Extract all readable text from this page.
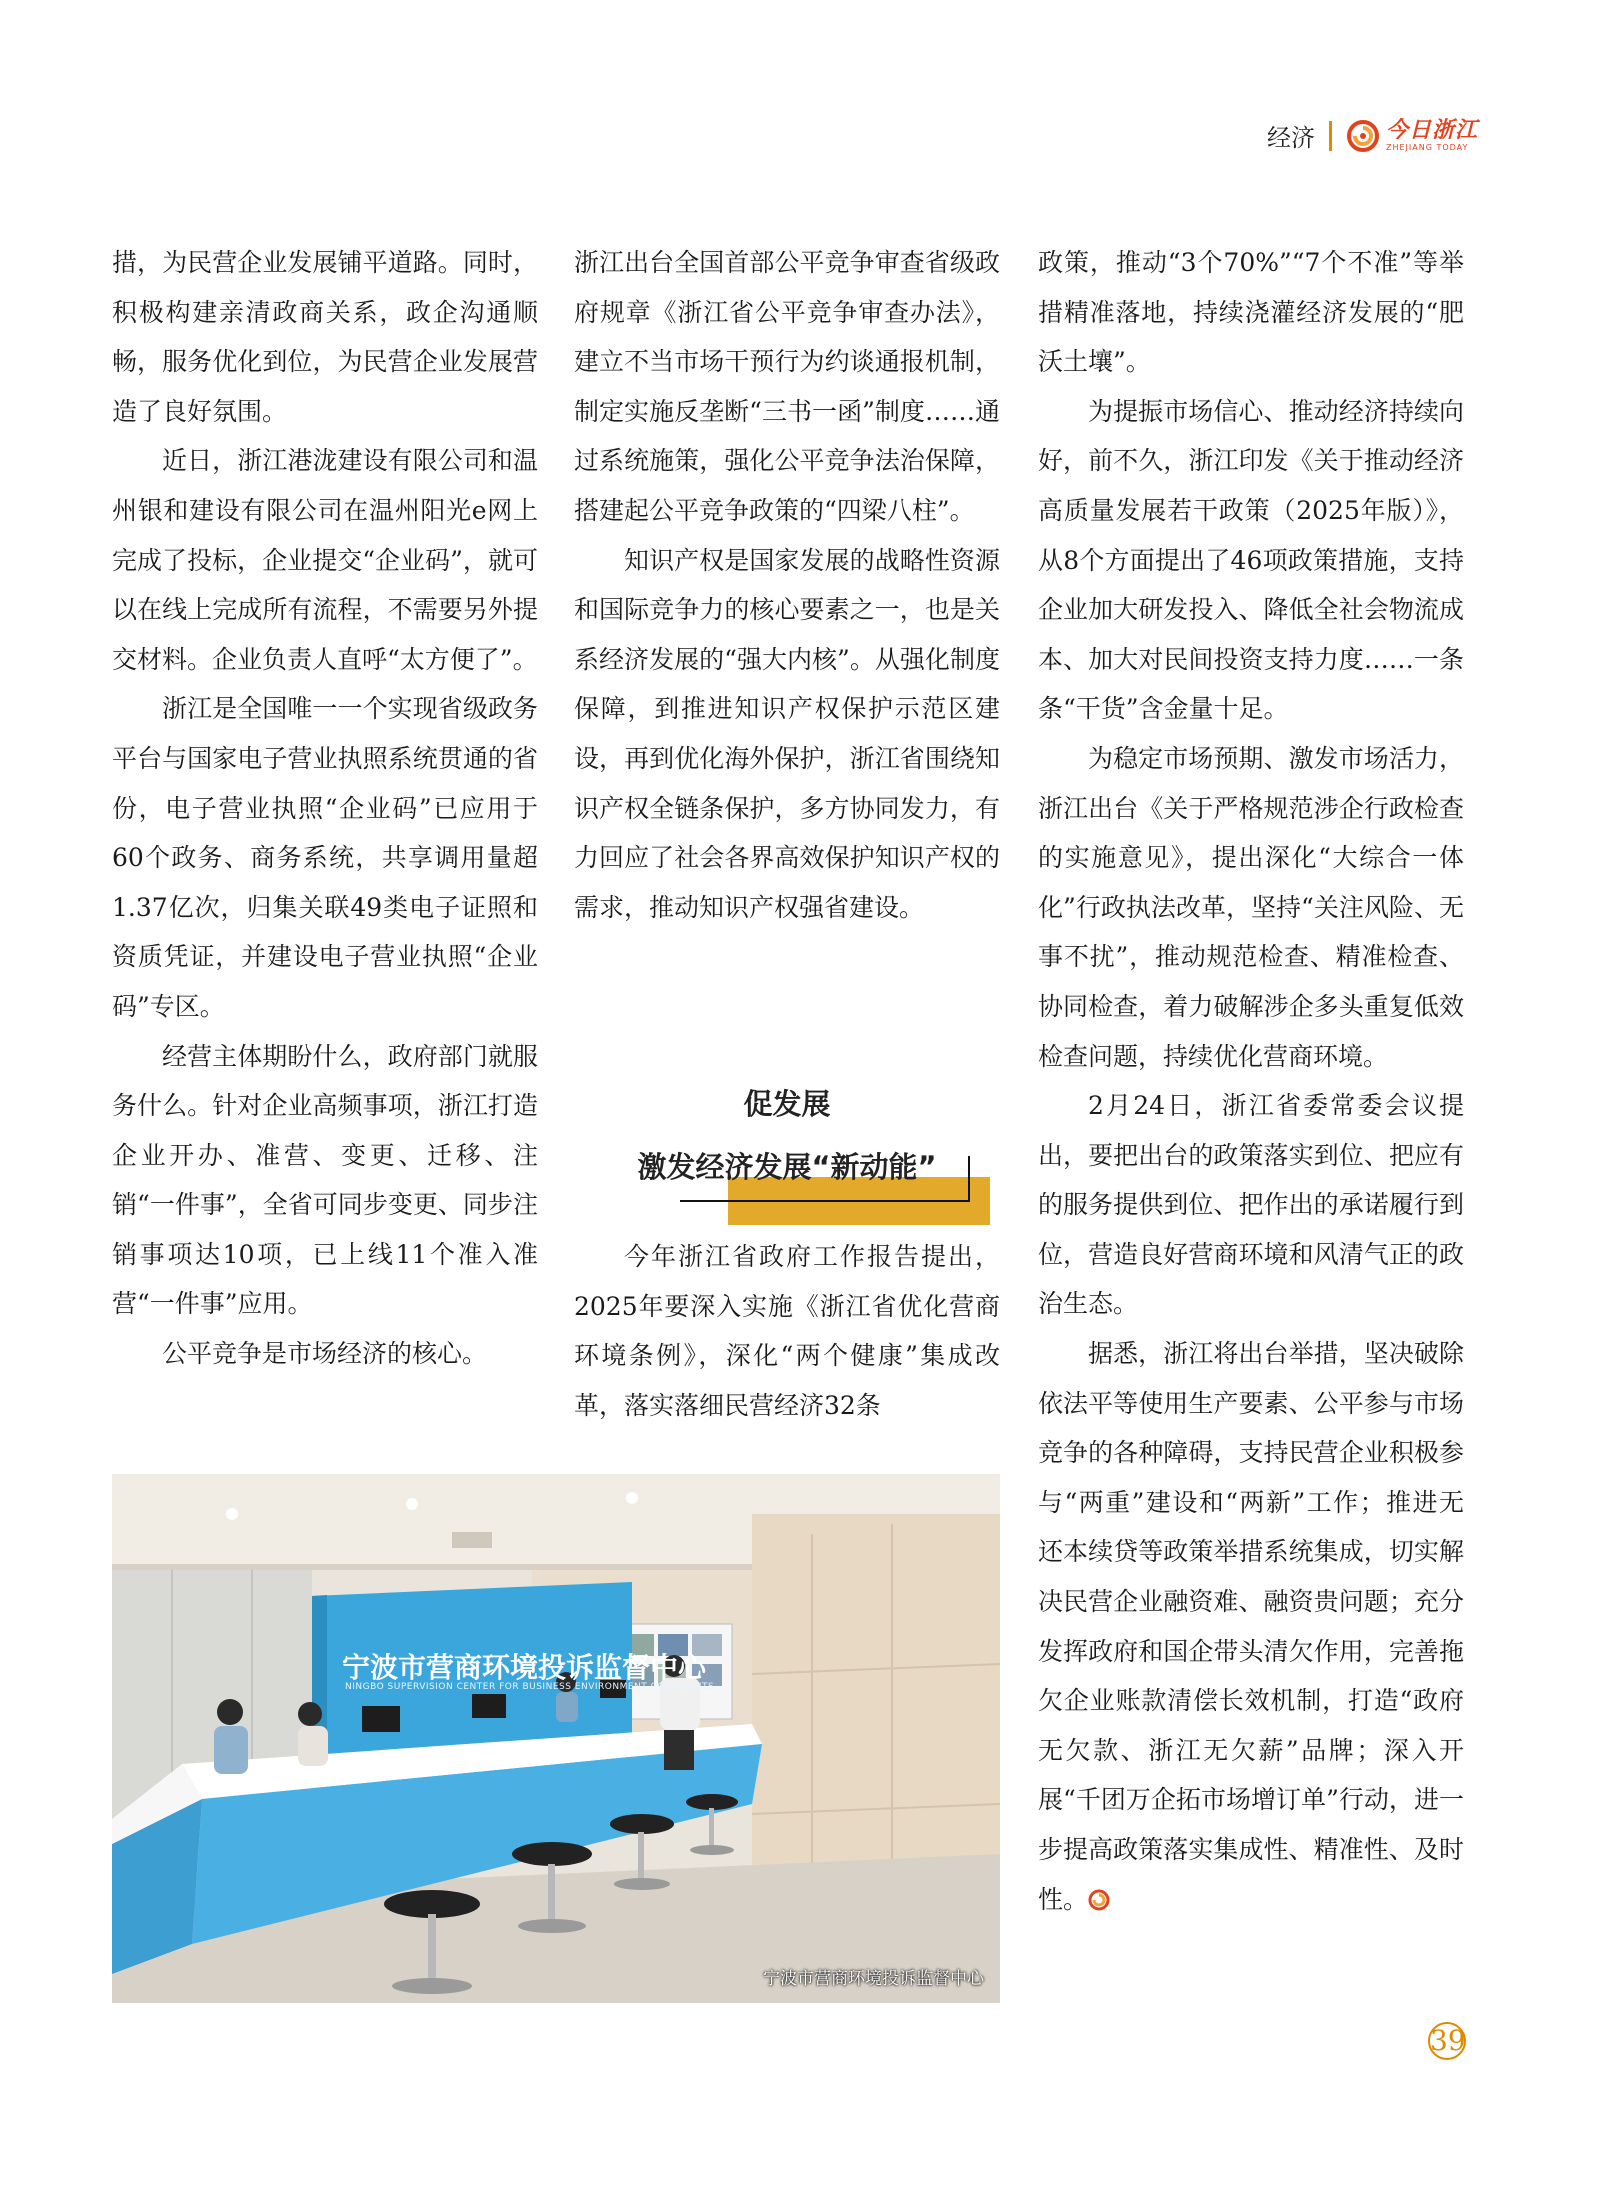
经济	今日浙江
ZHEJIANG TODAY

措，为民营企业发展铺平道路。同时，积极构建亲清政商关系，政企沟通顺畅，服务优化到位，为民营企业发展营造了良好氛围。

近日，浙江港泷建设有限公司和温州银和建设有限公司在温州阳光e网上完成了投标，企业提交“企业码”，就可以在线上完成所有流程，不需要另外提交材料。企业负责人直呼“太方便了”。

浙江是全国唯一一个实现省级政务平台与国家电子营业执照系统贯通的省份，电子营业执照“企业码”已应用于60个政务、商务系统，共享调用量超1.37亿次，归集关联49类电子证照和资质凭证，并建设电子营业执照“企业码”专区。

经营主体期盼什么，政府部门就服务什么。针对企业高频事项，浙江打造企业开办、准营、变更、迁移、注销“一件事”，全省可同步变更、同步注销事项达10项，已上线11个准入准营“一件事”应用。

公平竞争是市场经济的核心。

浙江出台全国首部公平竞争审查省级政府规章《浙江省公平竞争审查办法》，建立不当市场干预行为约谈通报机制，制定实施反垄断“三书一函”制度……通过系统施策，强化公平竞争法治保障，搭建起公平竞争政策的“四梁八柱”。

知识产权是国家发展的战略性资源和国际竞争力的核心要素之一，也是关系经济发展的“强大内核”。从强化制度保障，到推进知识产权保护示范区建设，再到优化海外保护，浙江省围绕知识产权全链条保护，多方协同发力，有力回应了社会各界高效保护知识产权的需求，推动知识产权强省建设。

促发展
激发经济发展“新动能”

今年浙江省政府工作报告提出，2025年要深入实施《浙江省优化营商环境条例》，深化“两个健康”集成改革，落实落细民营经济32条

政策，推动“3个70%”“7个不准”等举措精准落地，持续浇灌经济发展的“肥沃土壤”。

为提振市场信心、推动经济持续向好，前不久，浙江印发《关于推动经济高质量发展若干政策（2025年版）》，从8个方面提出了46项政策措施，支持企业加大研发投入、降低全社会物流成本、加大对民间投资支持力度……一条条“干货”含金量十足。

为稳定市场预期、激发市场活力，浙江出台《关于严格规范涉企行政检查的实施意见》，提出深化“大综合一体化”行政执法改革，坚持“关注风险、无事不扰”，推动规范检查、精准检查、协同检查，着力破解涉企多头重复低效检查问题，持续优化营商环境。

2月24日，浙江省委常委会议提出，要把出台的政策落实到位、把应有的服务提供到位、把作出的承诺履行到位，营造良好营商环境和风清气正的政治生态。

据悉，浙江将出台举措，坚决破除依法平等使用生产要素、公平参与市场竞争的各种障碍，支持民营企业积极参与“两重”建设和“两新”工作；推进无还本续贷等政策举措系统集成，切实解决民营企业融资难、融资贵问题；充分发挥政府和国企带头清欠作用，完善拖欠企业账款清偿长效机制，打造“政府无欠款、浙江无欠薪”品牌；深入开展“千团万企拓市场增订单”行动，进一步提高政策落实集成性、精准性、及时性。

宁波市营商环境投诉监督中心
NINGBO SUPERVISION CENTER FOR BUSINESS ENVIRONMENT COMPLAINTS
宁波市营商环境投诉监督中心
39
